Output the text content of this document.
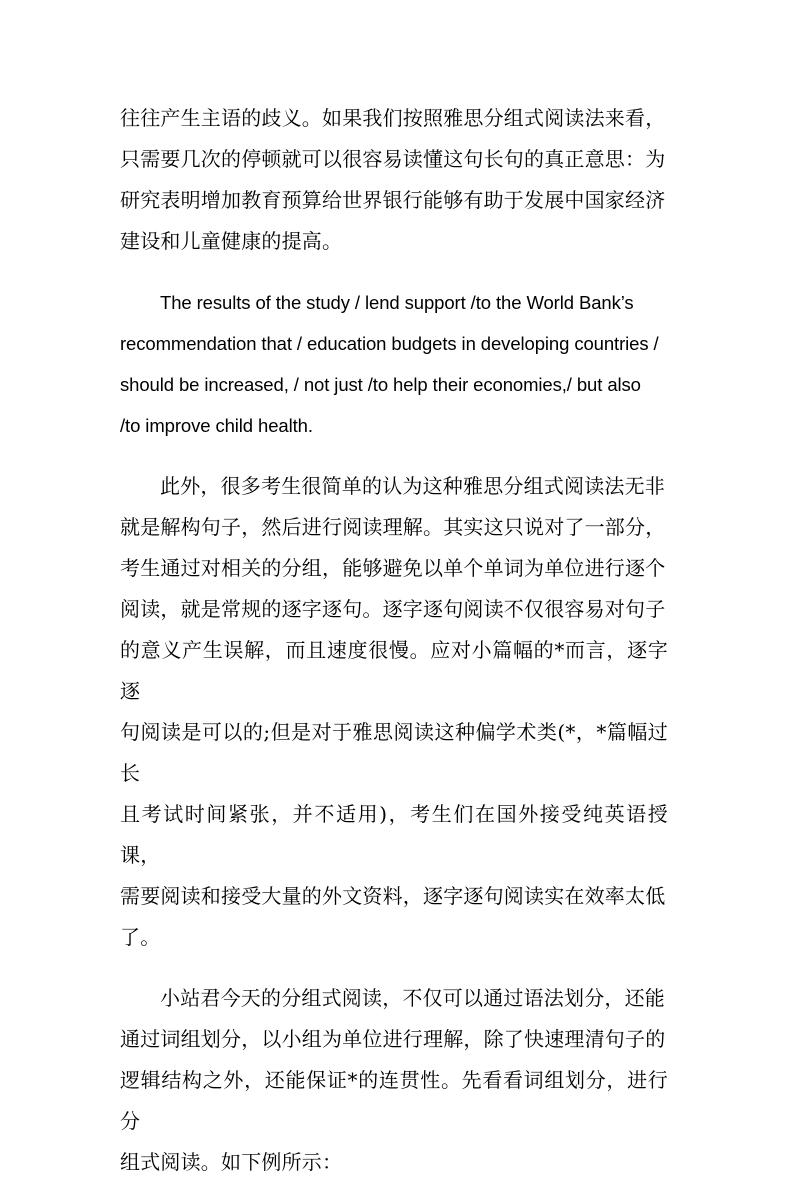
往往产生主语的歧义。如果我们按照雅思分组式阅读法来看，
只需要几次的停顿就可以很容易读懂这句长句的真正意思：为
研究表明增加教育预算给世界银行能够有助于发展中国家经济
建设和儿童健康的提高。
The results of the study / lend support /to the World Bank’s
recommendation that / education budgets in developing countries /
should be increased, / not just /to help their economies,/ but also
/to improve child health.
此外，很多考生很简单的认为这种雅思分组式阅读法无非
就是解构句子，然后进行阅读理解。其实这只说对了一部分，
考生通过对相关的分组，能够避免以单个单词为单位进行逐个
阅读，就是常规的逐字逐句。逐字逐句阅读不仅很容易对句子
的意义产生误解，而且速度很慢。应对小篇幅的*而言，逐字逐
句阅读是可以的;但是对于雅思阅读这种偏学术类(*，*篇幅过长
且考试时间紧张，并不适用)，考生们在国外接受纯英语授课，
需要阅读和接受大量的外文资料，逐字逐句阅读实在效率太低
了。
小站君今天的分组式阅读，不仅可以通过语法划分，还能
通过词组划分，以小组为单位进行理解，除了快速理清句子的
逻辑结构之外，还能保证*的连贯性。先看看词组划分，进行分
组式阅读。如下例所示：
